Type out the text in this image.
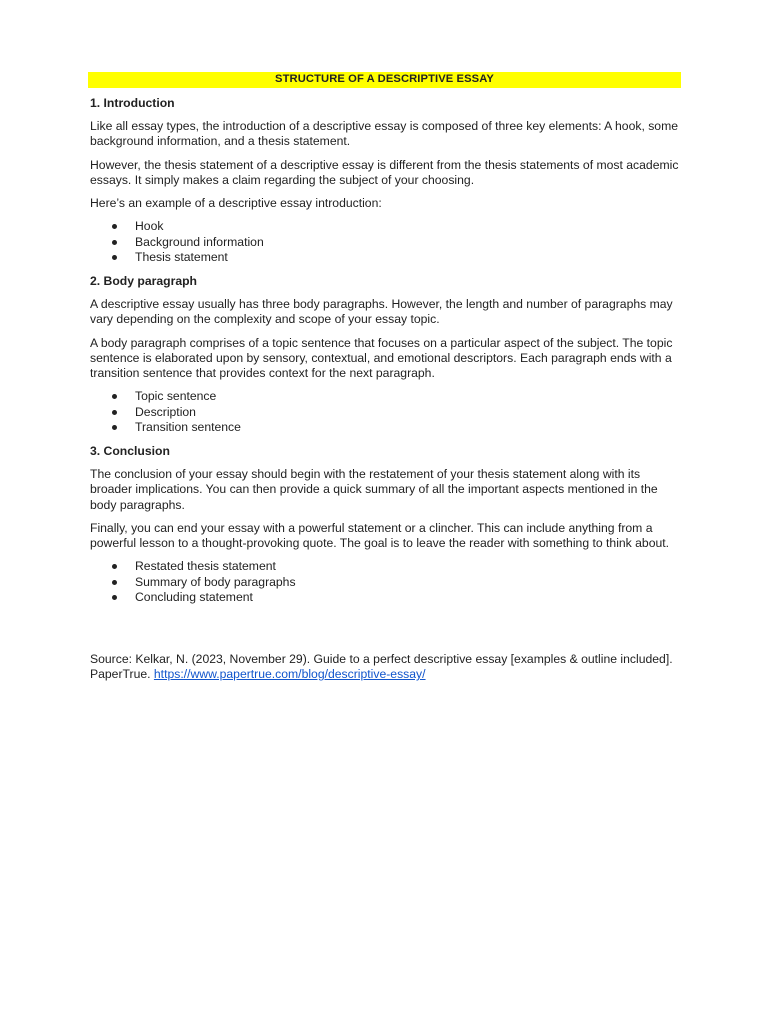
STRUCTURE OF A DESCRIPTIVE ESSAY
1. Introduction

Like all essay types, the introduction of a descriptive essay is composed of three key elements: A hook, some background information, and a thesis statement.

However, the thesis statement of a descriptive essay is different from the thesis statements of most academic essays. It simply makes a claim regarding the subject of your choosing.

Here’s an example of a descriptive essay introduction:

Hook
Background information
Thesis statement
2. Body paragraph

A descriptive essay usually has three body paragraphs. However, the length and number of paragraphs may vary depending on the complexity and scope of your essay topic.

A body paragraph comprises of a topic sentence that focuses on a particular aspect of the subject. The topic sentence is elaborated upon by sensory, contextual, and emotional descriptors. Each paragraph ends with a transition sentence that provides context for the next paragraph.

Topic sentence
Description
Transition sentence
3. Conclusion

The conclusion of your essay should begin with the restatement of your thesis statement along with its broader implications. You can then provide a quick summary of all the important aspects mentioned in the body paragraphs.

Finally, you can end your essay with a powerful statement or a clincher. This can include anything from a powerful lesson to a thought-provoking quote. The goal is to leave the reader with something to think about.

Restated thesis statement
Summary of body paragraphs
Concluding statement

Source: Kelkar, N. (2023, November 29). Guide to a perfect descriptive essay [examples & outline included]. PaperTrue. https://www.papertrue.com/blog/descriptive-essay/
